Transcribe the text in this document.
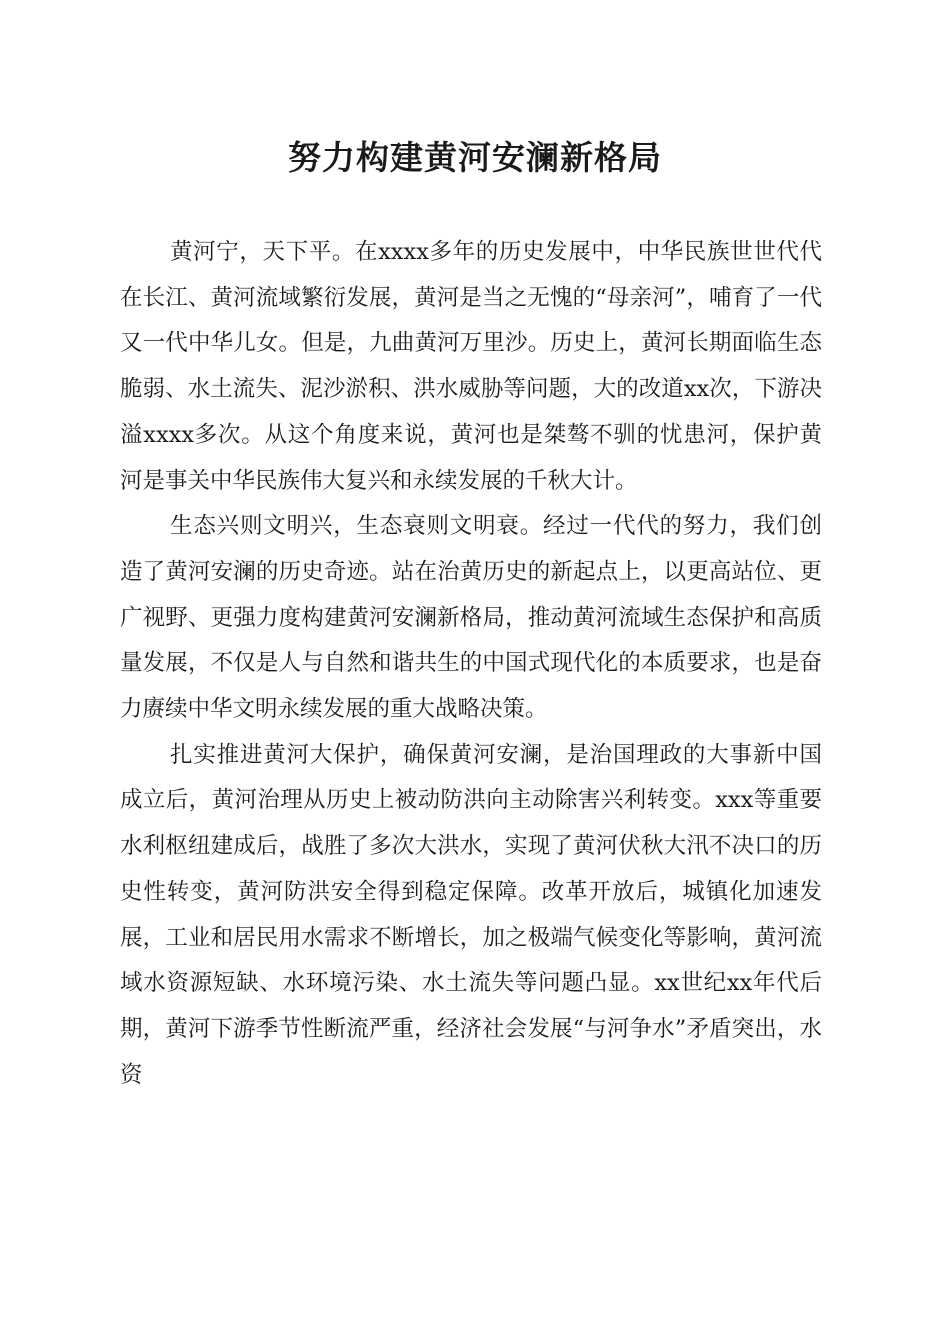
努力构建黄河安澜新格局

黄河宁，天下平。在xxxx多年的历史发展中，中华民族世世代代在长江、黄河流域繁衍发展，黄河是当之无愧的“母亲河”，哺育了一代又一代中华儿女。但是，九曲黄河万里沙。历史上，黄河长期面临生态脆弱、水土流失、泥沙淤积、洪水威胁等问题，大的改道xx次，下游决溢xxxx多次。从这个角度来说，黄河也是桀骜不驯的忧患河，保护黄河是事关中华民族伟大复兴和永续发展的千秋大计。

生态兴则文明兴，生态衰则文明衰。经过一代代的努力，我们创造了黄河安澜的历史奇迹。站在治黄历史的新起点上，以更高站位、更广视野、更强力度构建黄河安澜新格局，推动黄河流域生态保护和高质量发展，不仅是人与自然和谐共生的中国式现代化的本质要求，也是奋力赓续中华文明永续发展的重大战略决策。

扎实推进黄河大保护，确保黄河安澜，是治国理政的大事新中国成立后，黄河治理从历史上被动防洪向主动除害兴利转变。xxx等重要水利枢纽建成后，战胜了多次大洪水，实现了黄河伏秋大汛不决口的历史性转变，黄河防洪安全得到稳定保障。改革开放后，城镇化加速发展，工业和居民用水需求不断增长，加之极端气候变化等影响，黄河流域水资源短缺、水环境污染、水土流失等问题凸显。xx世纪xx年代后期，黄河下游季节性断流严重，经济社会发展“与河争水”矛盾突出，水资
